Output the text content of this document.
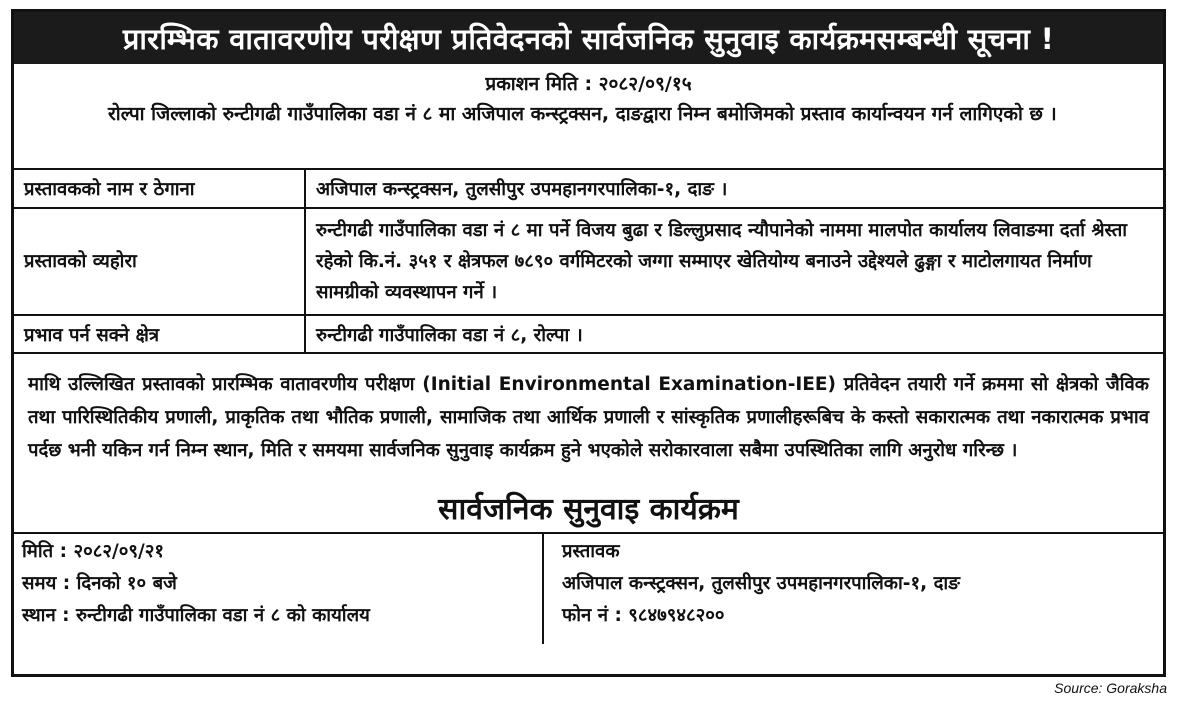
प्रारम्भिक वातावरणीय परीक्षण प्रतिवेदनको सार्वजनिक सुनुवाइ कार्यक्रमसम्बन्धी सूचना !
प्रकाशन मिति : २०८२/०९/१५
रोल्पा जिल्लाको रुन्टीगढी गाउँपालिका वडा नं ८ मा अजिपाल कन्स्ट्रक्सन, दाङद्वारा निम्न बमोजिमको प्रस्ताव कार्यान्वयन गर्न लागिएको छ ।
प्रस्तावकको नाम र ठेगाना	अजिपाल कन्स्ट्रक्सन, तुलसीपुर उपमहानगरपालिका-१, दाङ ।
प्रस्तावको व्यहोरा	रुन्टीगढी गाउँपालिका वडा नं ८ मा पर्ने विजय बुढा र डिल्लुप्रसाद न्यौपानेको नाममा मालपोत कार्यालय लिवाङमा दर्ता श्रेस्ता रहेको कि.नं. ३५१ र क्षेत्रफल ७८९० वर्गमिटरको जग्गा सम्माएर खेतियोग्य बनाउने उद्देश्यले ढुङ्गा र माटोलगायत निर्माण सामग्रीको व्यवस्थापन गर्ने ।
प्रभाव पर्न सक्ने क्षेत्र	रुन्टीगढी गाउँपालिका वडा नं ८, रोल्पा ।
माथि उल्लिखित प्रस्तावको प्रारम्भिक वातावरणीय परीक्षण (Initial Environmental Examination-IEE) प्रतिवेदन तयारी गर्ने क्रममा सो क्षेत्रको जैविक तथा पारिस्थितिकीय प्रणाली, प्राकृतिक तथा भौतिक प्रणाली, सामाजिक तथा आर्थिक प्रणाली र सांस्कृतिक प्रणालीहरूबिच के कस्तो सकारात्मक तथा नकारात्मक प्रभाव पर्दछ भनी यकिन गर्न निम्न स्थान, मिति र समयमा सार्वजनिक सुनुवाइ कार्यक्रम हुने भएकोले सरोकारवाला सबैमा उपस्थितिका लागि अनुरोध गरिन्छ ।
सार्वजनिक सुनुवाइ कार्यक्रम
मिति : २०८२/०९/२१
समय : दिनको १० बजे
स्थान : रुन्टीगढी गाउँपालिका वडा नं ८ को कार्यालय
प्रस्तावक
अजिपाल कन्स्ट्रक्सन, तुलसीपुर उपमहानगरपालिका-१, दाङ
फोन नं : ९८४७९४८२००
Source: Goraksha
